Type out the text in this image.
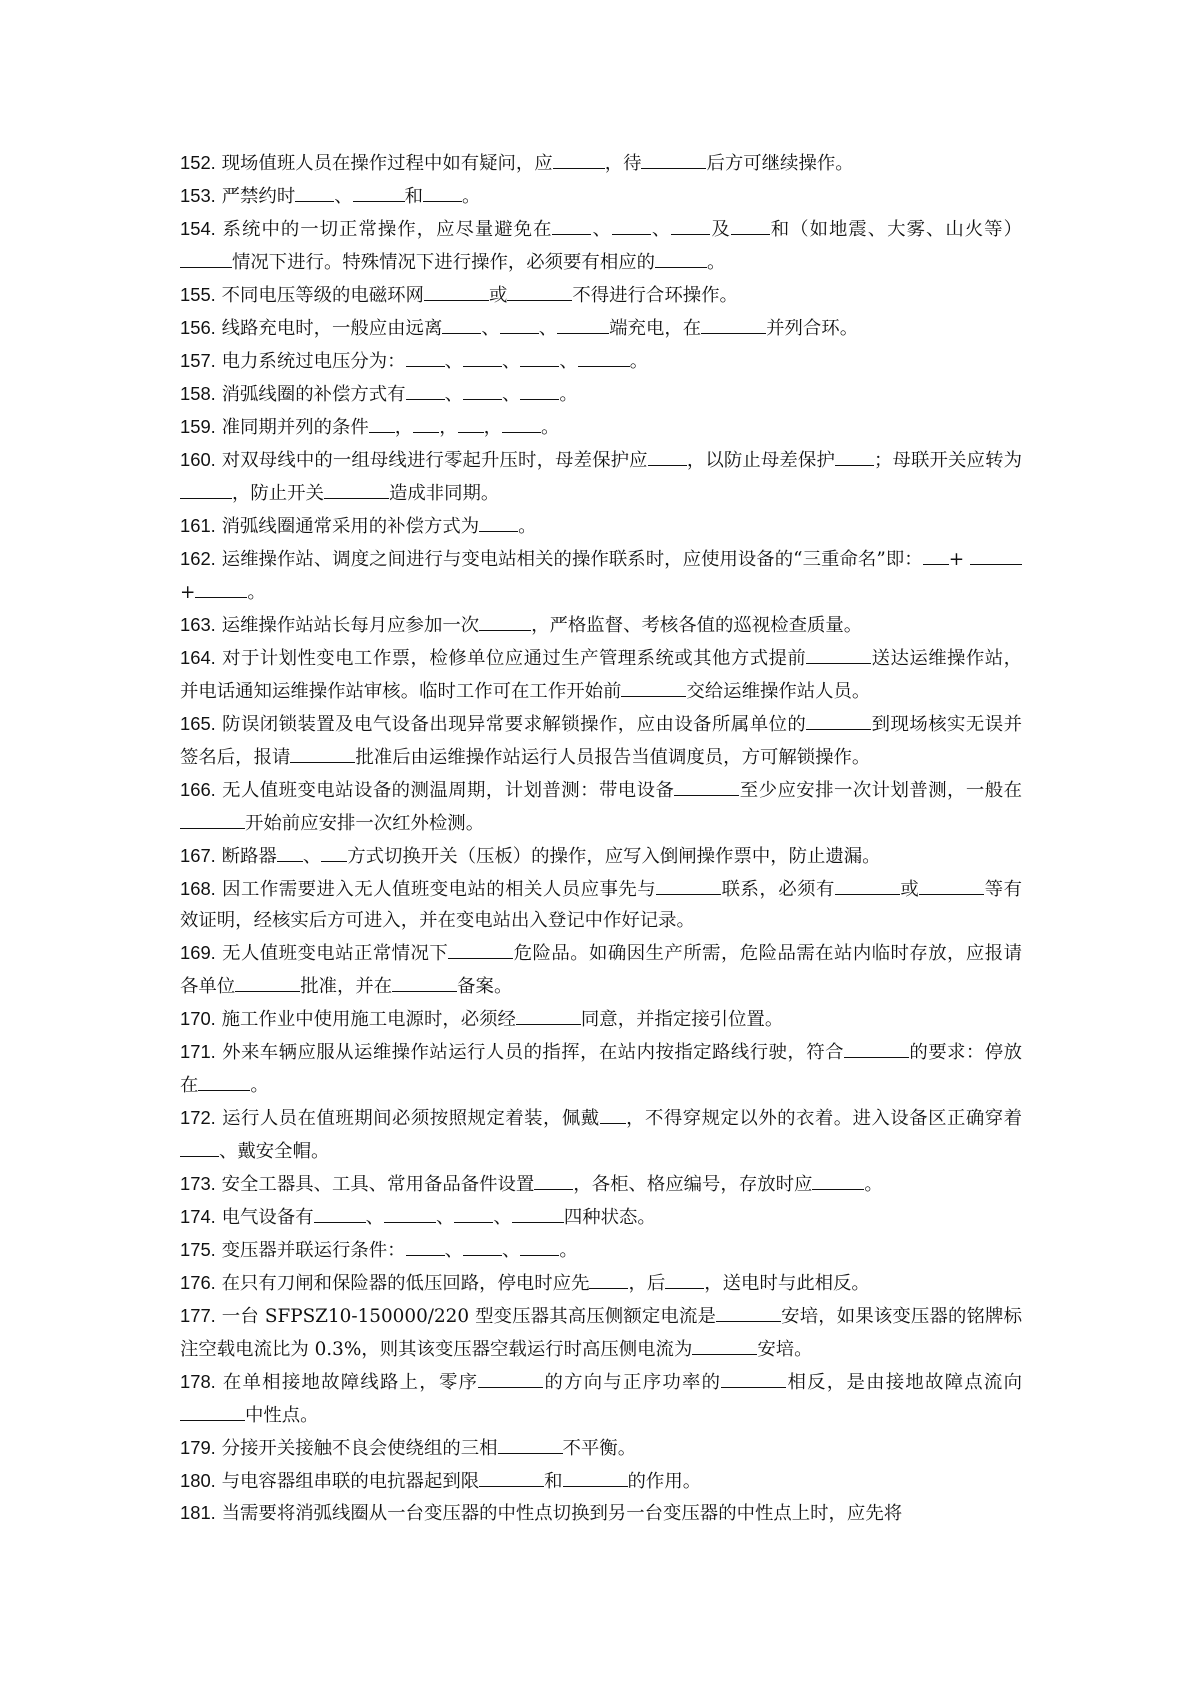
152. 现场值班人员在操作过程中如有疑问，应	，待	后方可继续操作。

153. 严禁约时 、	和 。

154. 系统中的一切正常操作，应尽量避免在 、 、 及 和（如地震、大雾、山火等）情况下进行。特殊情况下进行操作，必须要有相应的	。

155. 不同电压等级的电磁环网	或	不得进行合环操作。

156. 线路充电时，一般应由远离 、 、	端充电，在	并列合环。

157. 电力系统过电压分为： 、 、 、	。

158. 消弧线圈的补偿方式有 、 、 。

159. 准同期并列的条件 ， ， ， 。

160. 对双母线中的一组母线进行零起升压时，母差保护应 ，以防止母差保护 ；母联开关应转为，防止开关	造成非同期。

161. 消弧线圈通常采用的补偿方式为 。

162. 运维操作站、调度之间进行与变电站相关的操作联系时，应使用设备的“三重命名”即： + +	。

163. 运维操作站站长每月应参加一次	，严格监督、考核各值的巡视检查质量。

164. 对于计划性变电工作票，检修单位应通过生产管理系统或其他方式提前	送达运维操作站，并电话通知运维操作站审核。临时工作可在工作开始前	交给运维操作站人员。

165. 防误闭锁装置及电气设备出现异常要求解锁操作，应由设备所属单位的	到现场核实无误并签名后，报请	批准后由运维操作站运行人员报告当值调度员，方可解锁操作。

166. 无人值班变电站设备的测温周期，计划普测：带电设备	至少应安排一次计划普测，一般在开始前应安排一次红外检测。

167. 断路器 、 方式切换开关（压板）的操作，应写入倒闸操作票中，防止遗漏。

168. 因工作需要进入无人值班变电站的相关人员应事先与	联系，必须有	或	等有效证明，经核实后方可进入，并在变电站出入登记中作好记录。

169. 无人值班变电站正常情况下	危险品。如确因生产所需，危险品需在站内临时存放，应报请各单位	批准，并在	备案。

170. 施工作业中使用施工电源时，必须经	同意，并指定接引位置。

171. 外来车辆应服从运维操作站运行人员的指挥，在站内按指定路线行驶，符合	的要求：停放在	。

172. 运行人员在值班期间必须按照规定着装，佩戴 ，不得穿规定以外的衣着。进入设备区正确穿着、戴安全帽。

173. 安全工器具、工具、常用备品备件设置 ，各柜、格应编号，存放时应	。

174. 电气设备有	、	、 、	四种状态。

175. 变压器并联运行条件： 、 、 。

176. 在只有刀闸和保险器的低压回路，停电时应先 ，后 ，送电时与此相反。

177. 一台 SFPSZ10-150000/220 型变压器其高压侧额定电流是	安培，如果该变压器的铭牌标注空载电流比为 0.3%，则其该变压器空载运行时高压侧电流为	安培。

178. 在单相接地故障线路上，零序	的方向与正序功率的	相反，是由接地故障点流向中性点。

179. 分接开关接触不良会使绕组的三相	不平衡。

180. 与电容器组串联的电抗器起到限	和	的作用。

181. 当需要将消弧线圈从一台变压器的中性点切换到另一台变压器的中性点上时，应先将
